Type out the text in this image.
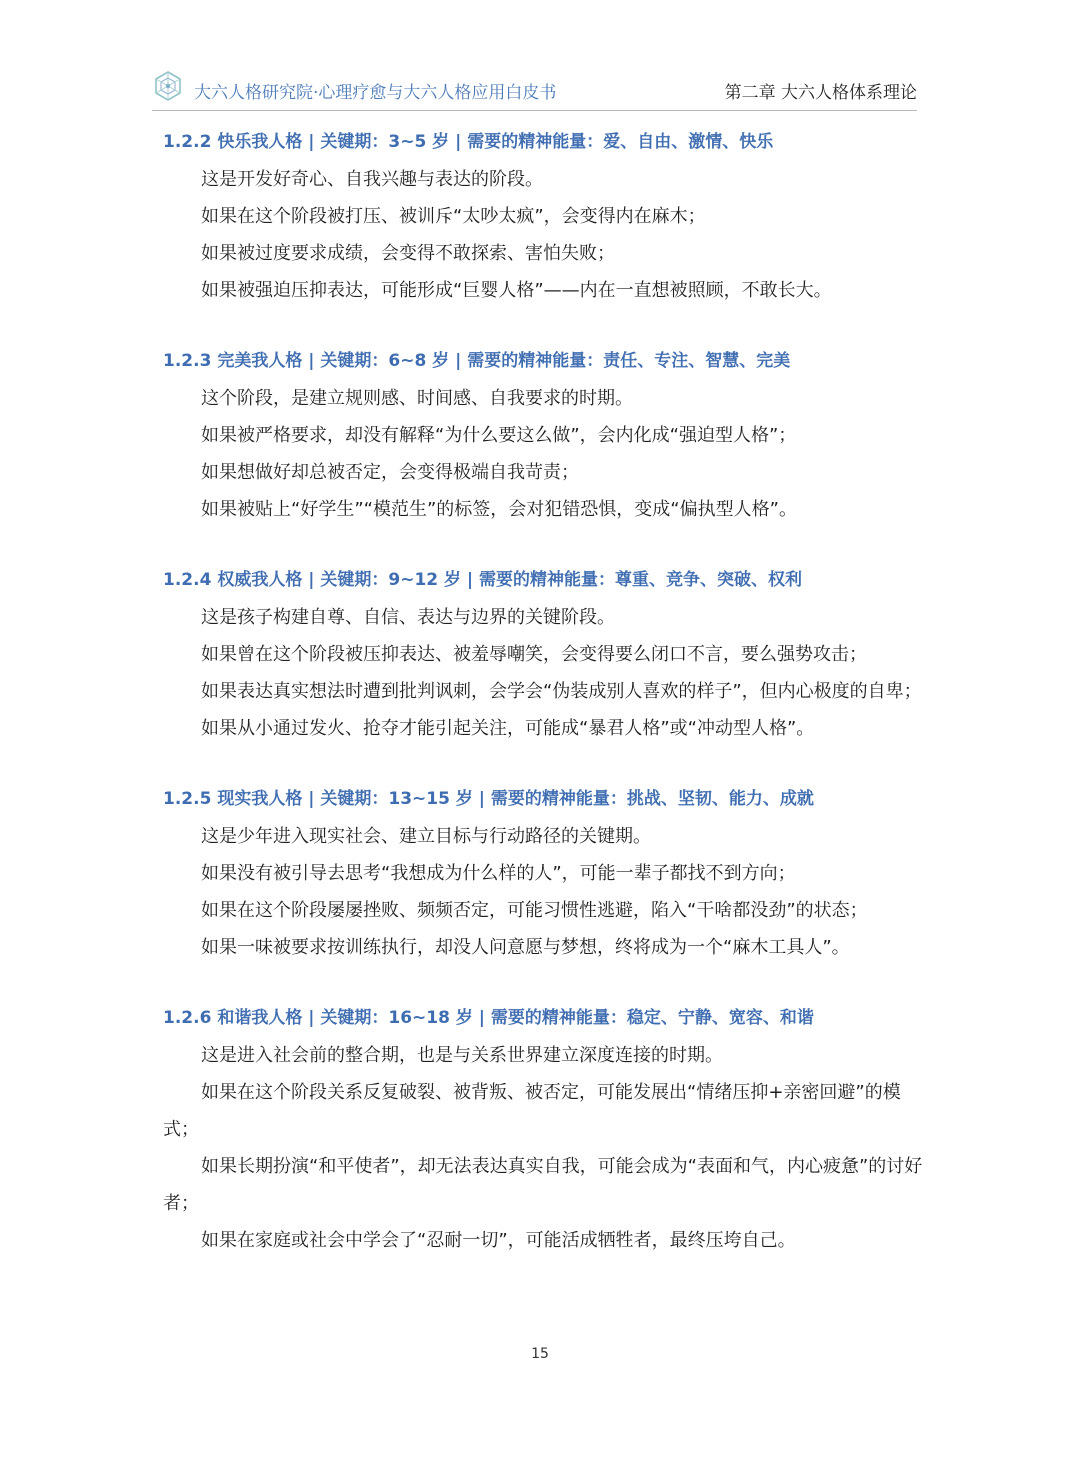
大六人格研究院·心理疗愈与大六人格应用白皮书	第二章 大六人格体系理论
1.2.2 快乐我人格 | 关键期：3~5 岁 | 需要的精神能量：爱、自由、激情、快乐

这是开发好奇心、自我兴趣与表达的阶段。

如果在这个阶段被打压、被训斥“太吵太疯”，会变得内在麻木；

如果被过度要求成绩，会变得不敢探索、害怕失败；

如果被强迫压抑表达，可能形成“巨婴人格”——内在一直想被照顾，不敢长大。

1.2.3 完美我人格 | 关键期：6~8 岁 | 需要的精神能量：责任、专注、智慧、完美

这个阶段，是建立规则感、时间感、自我要求的时期。

如果被严格要求，却没有解释“为什么要这么做”，会内化成“强迫型人格”；

如果想做好却总被否定，会变得极端自我苛责；

如果被贴上“好学生”“模范生”的标签，会对犯错恐惧，变成“偏执型人格”。

1.2.4 权威我人格 | 关键期：9~12 岁 | 需要的精神能量：尊重、竞争、突破、权利

这是孩子构建自尊、自信、表达与边界的关键阶段。

如果曾在这个阶段被压抑表达、被羞辱嘲笑，会变得要么闭口不言，要么强势攻击；

如果表达真实想法时遭到批判讽刺，会学会“伪装成别人喜欢的样子”，但内心极度的自卑；

如果从小通过发火、抢夺才能引起关注，可能成“暴君人格”或“冲动型人格”。

1.2.5 现实我人格 | 关键期：13~15 岁 | 需要的精神能量：挑战、坚韧、能力、成就

这是少年进入现实社会、建立目标与行动路径的关键期。

如果没有被引导去思考“我想成为什么样的人”，可能一辈子都找不到方向；

如果在这个阶段屡屡挫败、频频否定，可能习惯性逃避，陷入“干啥都没劲”的状态；

如果一味被要求按训练执行，却没人问意愿与梦想，终将成为一个“麻木工具人”。

1.2.6 和谐我人格 | 关键期：16~18 岁 | 需要的精神能量：稳定、宁静、宽容、和谐

这是进入社会前的整合期，也是与关系世界建立深度连接的时期。

如果在这个阶段关系反复破裂、被背叛、被否定，可能发展出“情绪压抑+亲密回避”的模式；

如果长期扮演“和平使者”，却无法表达真实自我，可能会成为“表面和气，内心疲惫”的讨好者；

如果在家庭或社会中学会了“忍耐一切”，可能活成牺牲者，最终压垮自己。

15
